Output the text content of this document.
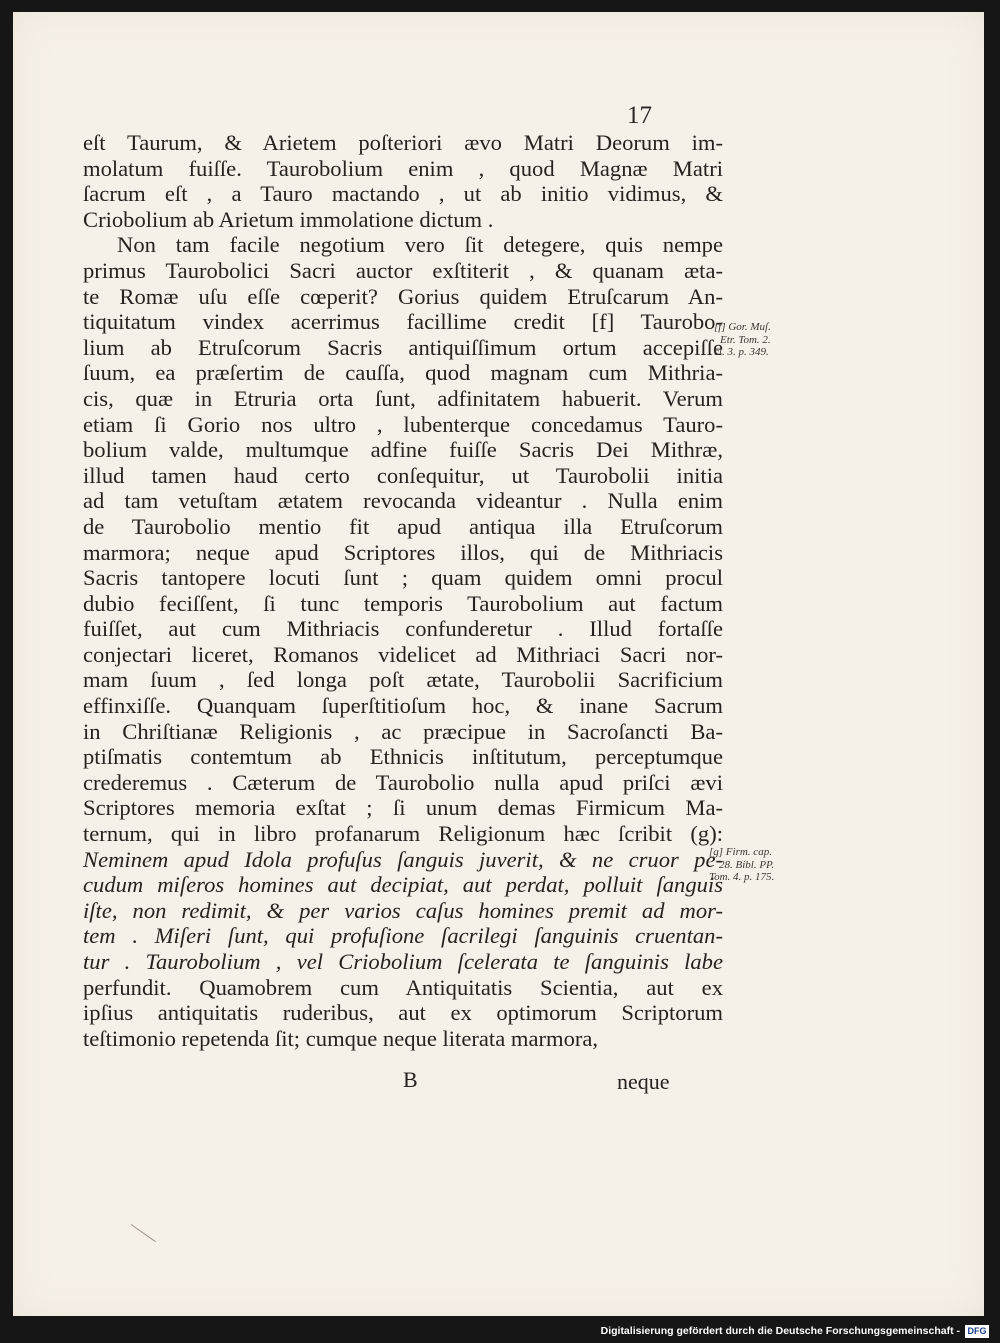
17
eſt Taurum, & Arietem poſteriori ævo Matri Deorum im-
molatum fuiſſe. Taurobolium enim , quod Magnæ Matri
ſacrum eſt , a Tauro mactando , ut ab initio vidimus, &
Criobolium ab Arietum immolatione dictum .
Non tam facile negotium vero ſit detegere, quis nempe
primus Taurobolici Sacri auctor exſtiterit , & quanam æta-
te Romæ uſu eſſe cœperit? Gorius quidem Etruſcarum An-
tiquitatum vindex acerrimus facillime credit [f] Taurobo-
lium ab Etruſcorum Sacris antiquiſſimum ortum accepiſſe
ſuum, ea præſertim de cauſſa, quod magnam cum Mithria-
cis, quæ in Etruria orta ſunt, adfinitatem habuerit. Verum
etiam ſi Gorio nos ultro , lubenterque concedamus Tauro-
bolium valde, multumque adfine fuiſſe Sacris Dei Mithræ,
illud tamen haud certo conſequitur, ut Taurobolii initia
ad tam vetuſtam ætatem revocanda videantur . Nulla enim
de Taurobolio mentio fit apud antiqua illa Etruſcorum
marmora; neque apud Scriptores illos, qui de Mithriacis
Sacris tantopere locuti ſunt ; quam quidem omni procul
dubio feciſſent, ſi tunc temporis Taurobolium aut factum
fuiſſet, aut cum Mithriacis confunderetur . Illud fortaſſe
conjectari liceret, Romanos videlicet ad Mithriaci Sacri nor-
mam ſuum , ſed longa poſt ætate, Taurobolii Sacrificium
effinxiſſe. Quanquam ſuperſtitioſum hoc, & inane Sacrum
in Chriſtianæ Religionis , ac præcipue in Sacroſancti Ba-
ptiſmatis contemtum ab Ethnicis inſtitutum, perceptumque
crederemus . Cæterum de Taurobolio nulla apud priſci ævi
Scriptores memoria exſtat ; ſi unum demas Firmicum Ma-
ternum, qui in libro profanarum Religionum hæc ſcribit (g):
Neminem apud Idola profuſus ſanguis juverit, & ne cruor pe-
cudum miſeros homines aut decipiat, aut perdat, polluit ſanguis
iſte, non redimit, & per varios caſus homines premit ad mor-
tem . Miſeri ſunt, qui profuſione ſacrilegi ſanguinis cruentan-
tur . Taurobolium , vel Criobolium ſcelerata te ſanguinis labe
perfundit. Quamobrem cum Antiquitatis Scientia, aut ex
ipſius antiquitatis ruderibus, aut ex optimorum Scriptorum
teſtimonio repetenda ſit; cumque neque literata marmora,
[f] Gor. Muſ.
Etr. Tom. 2.
cl. 3. p. 349.
[g] Firm. cap.
28. Bibl. PP.
Tom. 4. p. 175.
B	neque
Digitalisierung gefördert durch die Deutsche Forschungsgemeinschaft - DFG
